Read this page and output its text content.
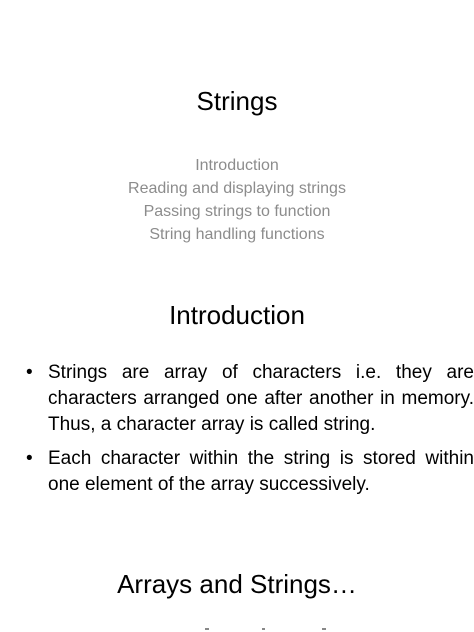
Strings
Introduction
Reading and displaying strings
Passing strings to function
String handling functions
Introduction
• Strings are array of characters i.e. they are characters arranged one after another in memory. Thus, a character array is called string.
• Each character within the string is stored within one element of the array successively.
Arrays and Strings…
